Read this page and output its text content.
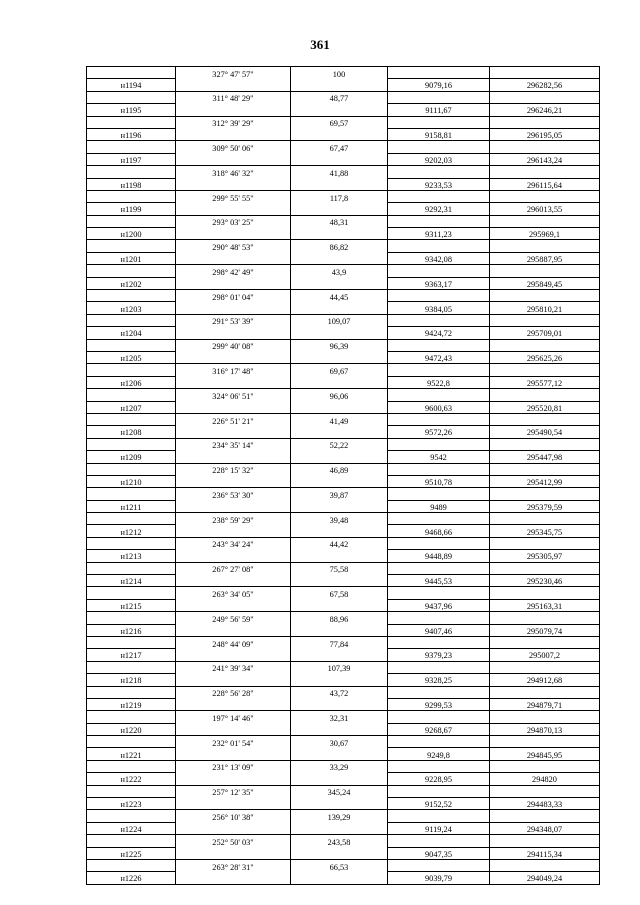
361
	327° 47' 57"	100		
н1194			9079,16	296282,56
	311° 48' 29"	48,77		
н1195			9111,67	296246,21
	312° 39' 29"	69,57		
н1196			9158,81	296195,05
	309° 50' 06"	67,47		
н1197			9202,03	296143,24
	318° 46' 32"	41,88		
н1198			9233,53	296115,64
	299° 55' 55"	117,8		
н1199			9292,31	296013,55
	293° 03' 25"	48,31		
н1200			9311,23	295969,1
	290° 48' 53"	86,82		
н1201			9342,08	295887,95
	298° 42' 49"	43,9		
н1202			9363,17	295849,45
	298° 01' 04"	44,45		
н1203			9384,05	295810,21
	291° 53' 39"	109,07		
н1204			9424,72	295709,01
	299° 40' 08"	96,39		
н1205			9472,43	295625,26
	316° 17' 48"	69,67		
н1206			9522,8	295577,12
	324° 06' 51"	96,06		
н1207			9600,63	295520,81
	226° 51' 21"	41,49		
н1208			9572,26	295490,54
	234° 35' 14"	52,22		
н1209			9542	295447,98
	228° 15' 32"	46,89		
н1210			9510,78	295412,99
	236° 53' 30"	39,87		
н1211			9489	295379,59
	238° 59' 29"	39,48		
н1212			9468,66	295345,75
	243° 34' 24"	44,42		
н1213			9448,89	295305,97
	267° 27' 08"	75,58		
н1214			9445,53	295230,46
	263° 34' 05"	67,58		
н1215			9437,96	295163,31
	249° 56' 59"	88,96		
н1216			9407,46	295079,74
	248° 44' 09"	77,84		
н1217			9379,23	295007,2
	241° 39' 34"	107,39		
н1218			9328,25	294912,68
	228° 56' 28"	43,72		
н1219			9299,53	294879,71
	197° 14' 46"	32,31		
н1220			9268,67	294870,13
	232° 01' 54"	30,67		
н1221			9249,8	294845,95
	231° 13' 09"	33,29		
н1222			9228,95	294820
	257° 12' 35"	345,24		
н1223			9152,52	294483,33
	256° 10' 38"	139,29		
н1224			9119,24	294348,07
	252° 50' 03"	243,58		
н1225			9047,35	294115,34
	263° 28' 31"	66,53		
н1226			9039,79	294049,24
